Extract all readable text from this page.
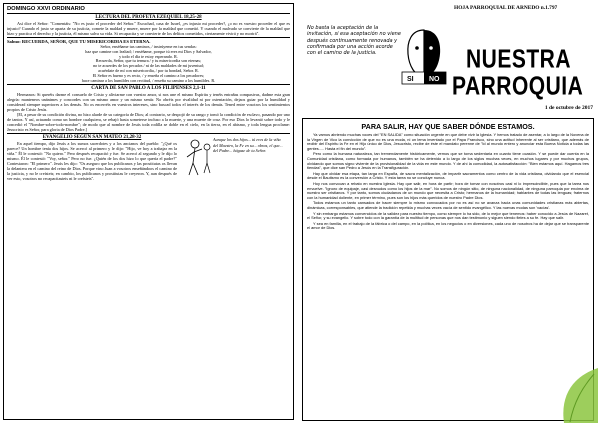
DOMINGO XXVI ORDINARIO
LECTURA DEL PROFETA EZEQUIEL 18,25-28

Así dice el Señor: "Comentáis: "No es justo el proceder del Señor." Escuchad, casa de Israel, ¿es injusto mi proceder?, ¿o no es vuestro proceder el que es injusto? Cuando el justo se aparta de su justicia, comete la maldad y muere, muere por la maldad que cometió. Y cuando el malvado se convierte de la maldad que hizo y practica el derecho y la justicia, él mismo salva su vida. Si recapacita y se convierte de los delitos cometidos, ciertamente vivirá y no morirá".

Salmo: RECUERDA, SEÑOR, QUE TU MISERICORDIA ES ETERNA.

Señor, enséñame tus caminos, / instrúyeme en tus sendas:

haz que camine con lealtad; / enséñame, porque tú eres mi Dios y Salvador,

y todo el día te estoy esperando. R.

Recuerda, Señor, que tu ternura / y tu misericordia son eternas;

no te acuerdes de los pecados / ni de las maldades de mi juventud;

acuérdate de mí con misericordia, / por tu bondad, Señor. R.

El Señor es bueno y es recto, / y enseña el camino a los pecadores;

hace caminar a los humildes con rectitud, / enseña su camino a los humildes. R.

CARTA DE SAN PABLO A LOS FILIPENSES 2,1-11

Hermanos: Si queréis darme el consuelo de Cristo y aliviarme con vuestro amor, si nos une el mismo Espíritu y tenéis entrañas compasivas, dadme esta gran alegría: manteneos unánimes y concordes con un mismo amor y un mismo sentir. No obréis por rivalidad ni por ostentación, dejaos guiar por la humildad y considerad siempre superiores a los demás. No os encerréis en vuestros intereses, sino buscad todos el interés de los demás. Tened entre vosotros los sentimientos propios de Cristo Jesús.

[El, a pesar de su condición divina, no hizo alarde de su categoría de Dios; al contrario, se despojó de su rango y tomó la condición de esclavo, pasando por uno de tantos. Y así, actuando como un hombre cualquiera, se rebajó hasta someterse incluso a la muerte, y una muerte de cruz. Por eso Dios lo levantó sobre todo y le concedió el "Nombre-sobre-todo-nombre"; de modo que al nombre de Jesús toda rodilla se doble en el cielo, en la tierra, en el abismo, y toda lengua proclame: Jesucristo es Señor, para gloria de Dios Padre.]

EVANGELIO SEGÚN SAN MATEO 21,28-32

En aquel tiempo, dijo Jesús a los sumos sacerdotes y a los ancianos del pueblo: "¿Qué os parece? Un hombre tenía dos hijos. Se acercó al primero y le dijo: "Hijo, ve hoy a trabajar en la viña." Él le contestó: "No quiero." Pero después recapacitó y fue. Se acercó al segundo y le dijo lo mismo. Él le contestó: "Voy, señor." Pero no fue. ¿Quién de los dos hizo lo que quería el padre?" Contestaron: "El primero". Jesús les dijo: "Os aseguro que los publicanos y las prostitutas os llevan la delantera en el camino del reino de Dios. Porque vino Juan a vosotros enseñándoos el camino de la justicia, y no le creísteis; en cambio, los publicanos y prostitutas le creyeron. Y, aun después de ver esto, vosotros no recapacitasteis ni le creísteis".

Aunque los dos hijos... tú eres de la viña del Maestro, la Fe en su... obras, el que... del Padre... hágase de tu Señor.
No basta la aceptación de la invitación, si esa aceptación no viene después continuamente renovada y confirmada por una acción acorde con el camino de la justicia.
SI NO
HOJA PARROQUIAL DE ARNEDO n.1.797
NUESTRA
PARROQUIA
1 de octubre de 2017
PARA SALIR, HAY QUE SABER DÓNDE ESTAMOS.

Ya vamos abriendo muchas voces del "EN SALIDA" como situación urgente en que debe vivir la Iglesia. Y hemos tratado de asentar, a lo largo de la Novena de la Virgen de Vico la convicción de que no es una moda, ni un lema inventado por el Papa Francisco, sino una actitud inherente al ser cristiano, que además de recibir del Espíritu la Fe en el Hijo único de Dios, Jesucristo, recibe de éste el mandato perenne de "Id al mundo entero y anunciar esta Buena Noticia a todas las gentes..... Hasta el fin del mundo".

Pero como la humana naturaleza, tan tremendamente históricamente, vemos que se toma sedentaria en cuanto tiene ocasión. Y se puede dar cuenta en la Comunidad cristiana, como formada por humanos, también se ha detenido a lo largo de los siglos muchas veces, en muchos lugares y por muchos grupos, olvidando que somos signo viviente de la provisionalidad de la vida en este mundo. Y de ahí la comodidad, la autosatisfacción: "Bien estamos aquí. Hagamos tres tiendas", que dice san Pedro a Jesús en la Transfiguración.

Hay que olvidar esa etapa, tan larga en España, de sacra mentalización, de impartir sacramentos como centro de la vida cristiana, olvidando que el esencial desde el Bautismo es la conversión a Cristo. Y esta tarea no se concluye nunca.

Hoy nos convocan a rebato en nuestra Iglesia. Hay que salir, en hora de partir; hora de tomar con nosotros casi ni lo imprescindible, pues que la tarea nos envuelve. "Ignoro de equipaje, casi desnudos como los hijos de la mar". No somos de ningún sitio, de ninguna nacionalidad, de ninguna parroquia por encima de nuestro ser cristianos. Y por tanto, somos ciudadanos de un mundo que necesita a Cristo; hermanos de la humanidad; hablantes de todas las lenguas; fraternos con la humanidad doliente, en primer término, pues son los hijos más queridos de nuestro Padre Dios.

Todos estamos un tanto cansados de hacer siempre lo mismo convocados por no es así no se avanza hacia unas comunidades cristianas más abiertas, dinámicas, corresponsables, que atiende la tradición repetida y muchas veces vacía de sentido evangélico. Y las nuevas modas son 'vacías'.

Y sin embargo estamos convencidos de la validez para nuestro tiempo, como siempre lo ha sido, de lo mejor que tenemos: haber conocido a Jesús de Nazaret, el Señor, y su evangelio. Y sobre todo con la garantía de la multitud de personas que nos dan testimonio y siguen siendo fieles a su fe. Hay que salir.

Y sea en familia, en el trabajo de la fábrica o del campo, en la política, en los negocios o en diversiones, cada uno de nosotros ha de dejar que se transparente el amor de Dios.
